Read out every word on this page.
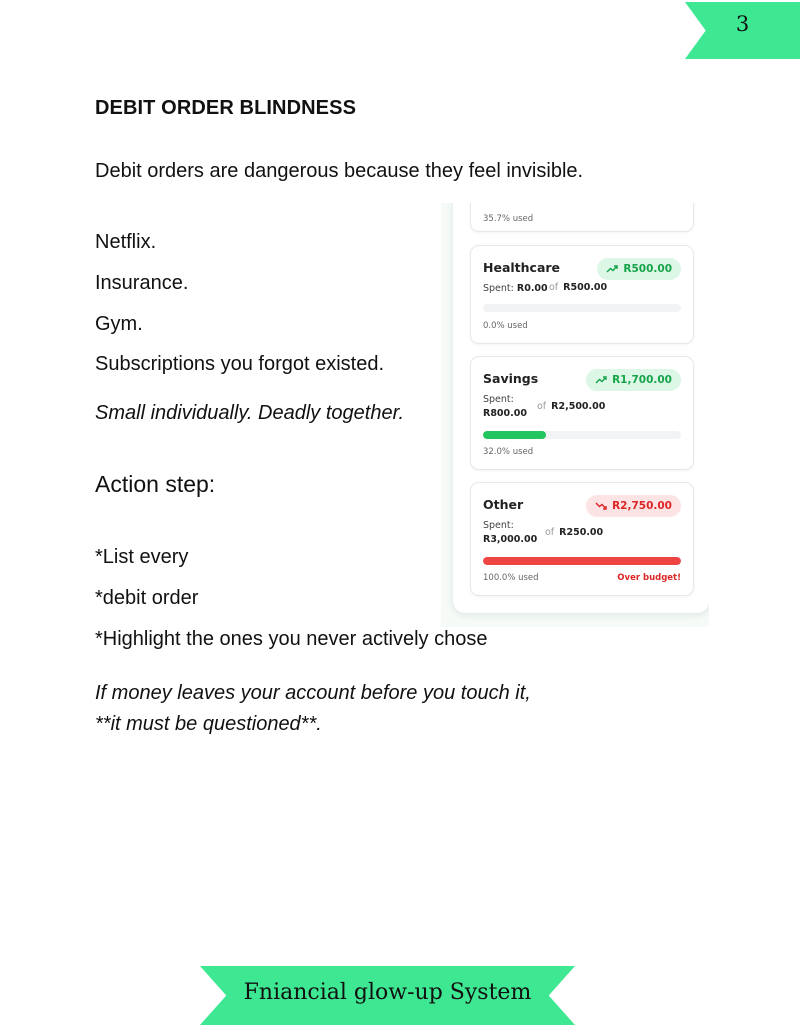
3
DEBIT ORDER BLINDNESS

Debit orders are dangerous because they feel invisible.

Netflix.

Insurance.

Gym.

Subscriptions you forgot existed.

Small individually. Deadly together.

Action step:

*List every

*debit order

*Highlight the ones you never actively chose

If money leaves your account before you touch it,
**it must be questioned**.

35.7% used
Healthcare	R500.00
Spent: R0.00 of R500.00
0.0% used
Savings	R1,700.00
Spent:
R800.00
of R2,500.00
32.0% used
Other	R2,750.00
Spent:
R3,000.00
of R250.00
100.0% used	Over budget!
Fniancial glow-up System
